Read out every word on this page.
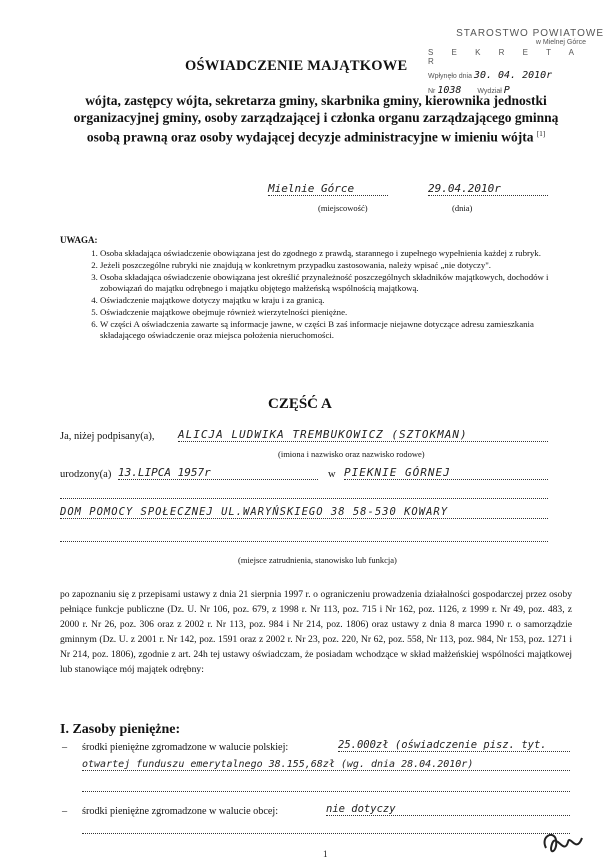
STAROSTWO POWIATOWE
w Mielnej Górce
S E K R E T A R
Wpłynęło dnia 30. 04. 2010r
Nr 1038 Wydział P
OŚWIADCZENIE MAJĄTKOWE
wójta, zastępcy wójta, sekretarza gminy, skarbnika gminy, kierownika jednostki organizacyjnej gminy, osoby zarządzającej i członka organu zarządzającego gminną osobą prawną oraz osoby wydającej decyzje administracyjne w imieniu wójta [1]
Mielnie Górce
(miejscowość)
29.04.2010r
(dnia)
UWAGA:
1. Osoba składająca oświadczenie obowiązana jest do zgodnego z prawdą, starannego i zupełnego wypełnienia każdej z rubryk.
2. Jeżeli poszczególne rubryki nie znajdują w konkretnym przypadku zastosowania, należy wpisać „nie dotyczy".
3. Osoba składająca oświadczenie obowiązana jest określić przynależność poszczególnych składników majątkowych, dochodów i zobowiązań do majątku odrębnego i majątku objętego małżeńską wspólnością majątkową.
4. Oświadczenie majątkowe dotyczy majątku w kraju i za granicą.
5. Oświadczenie majątkowe obejmuje również wierzytelności pieniężne.
6. W części A oświadczenia zawarte są informacje jawne, w części B zaś informacje niejawne dotyczące adresu zamieszkania składającego oświadczenie oraz miejsca położenia nieruchomości.
CZĘŚĆ A
Ja, niżej podpisany(a), ALICJA LUDWIKA TREMBUKOWICZ (SZTOKMAN)
(imiona i nazwisko oraz nazwisko rodowe)
urodzony(a) 13.LIPCA 1957r	w PIEKNIE GÓRNEJ
DOM POMOCY SPOŁECZNEJ UL.WARYŃSKIEGO 38 58-530 KOWARY
(miejsce zatrudnienia, stanowisko lub funkcja)
po zapoznaniu się z przepisami ustawy z dnia 21 sierpnia 1997 r. o ograniczeniu prowadzenia działalności gospodarczej przez osoby pełniące funkcje publiczne (Dz. U. Nr 106, poz. 679, z 1998 r. Nr 113, poz. 715 i Nr 162, poz. 1126, z 1999 r. Nr 49, poz. 483, z 2000 r. Nr 26, poz. 306 oraz z 2002 r. Nr 113, poz. 984 i Nr 214, poz. 1806) oraz ustawy z dnia 8 marca 1990 r. o samorządzie gminnym (Dz. U. z 2001 r. Nr 142, poz. 1591 oraz z 2002 r. Nr 23, poz. 220, Nr 62, poz. 558, Nr 113, poz. 984, Nr 153, poz. 1271 i Nr 214, poz. 1806), zgodnie z art. 24h tej ustawy oświadczam, że posiadam wchodzące w skład małżeńskiej wspólności majątkowej lub stanowiące mój majątek odrębny:
I. Zasoby pieniężne:
– środki pieniężne zgromadzone w walucie polskiej:	25.000zł (oświadczenie pisz. tyt.
otwartej funduszu emerytalnego 38.155,68zł (wg. dnia 28.04.2010r)
– środki pieniężne zgromadzone w walucie obcej:	nie dotyczy
1
